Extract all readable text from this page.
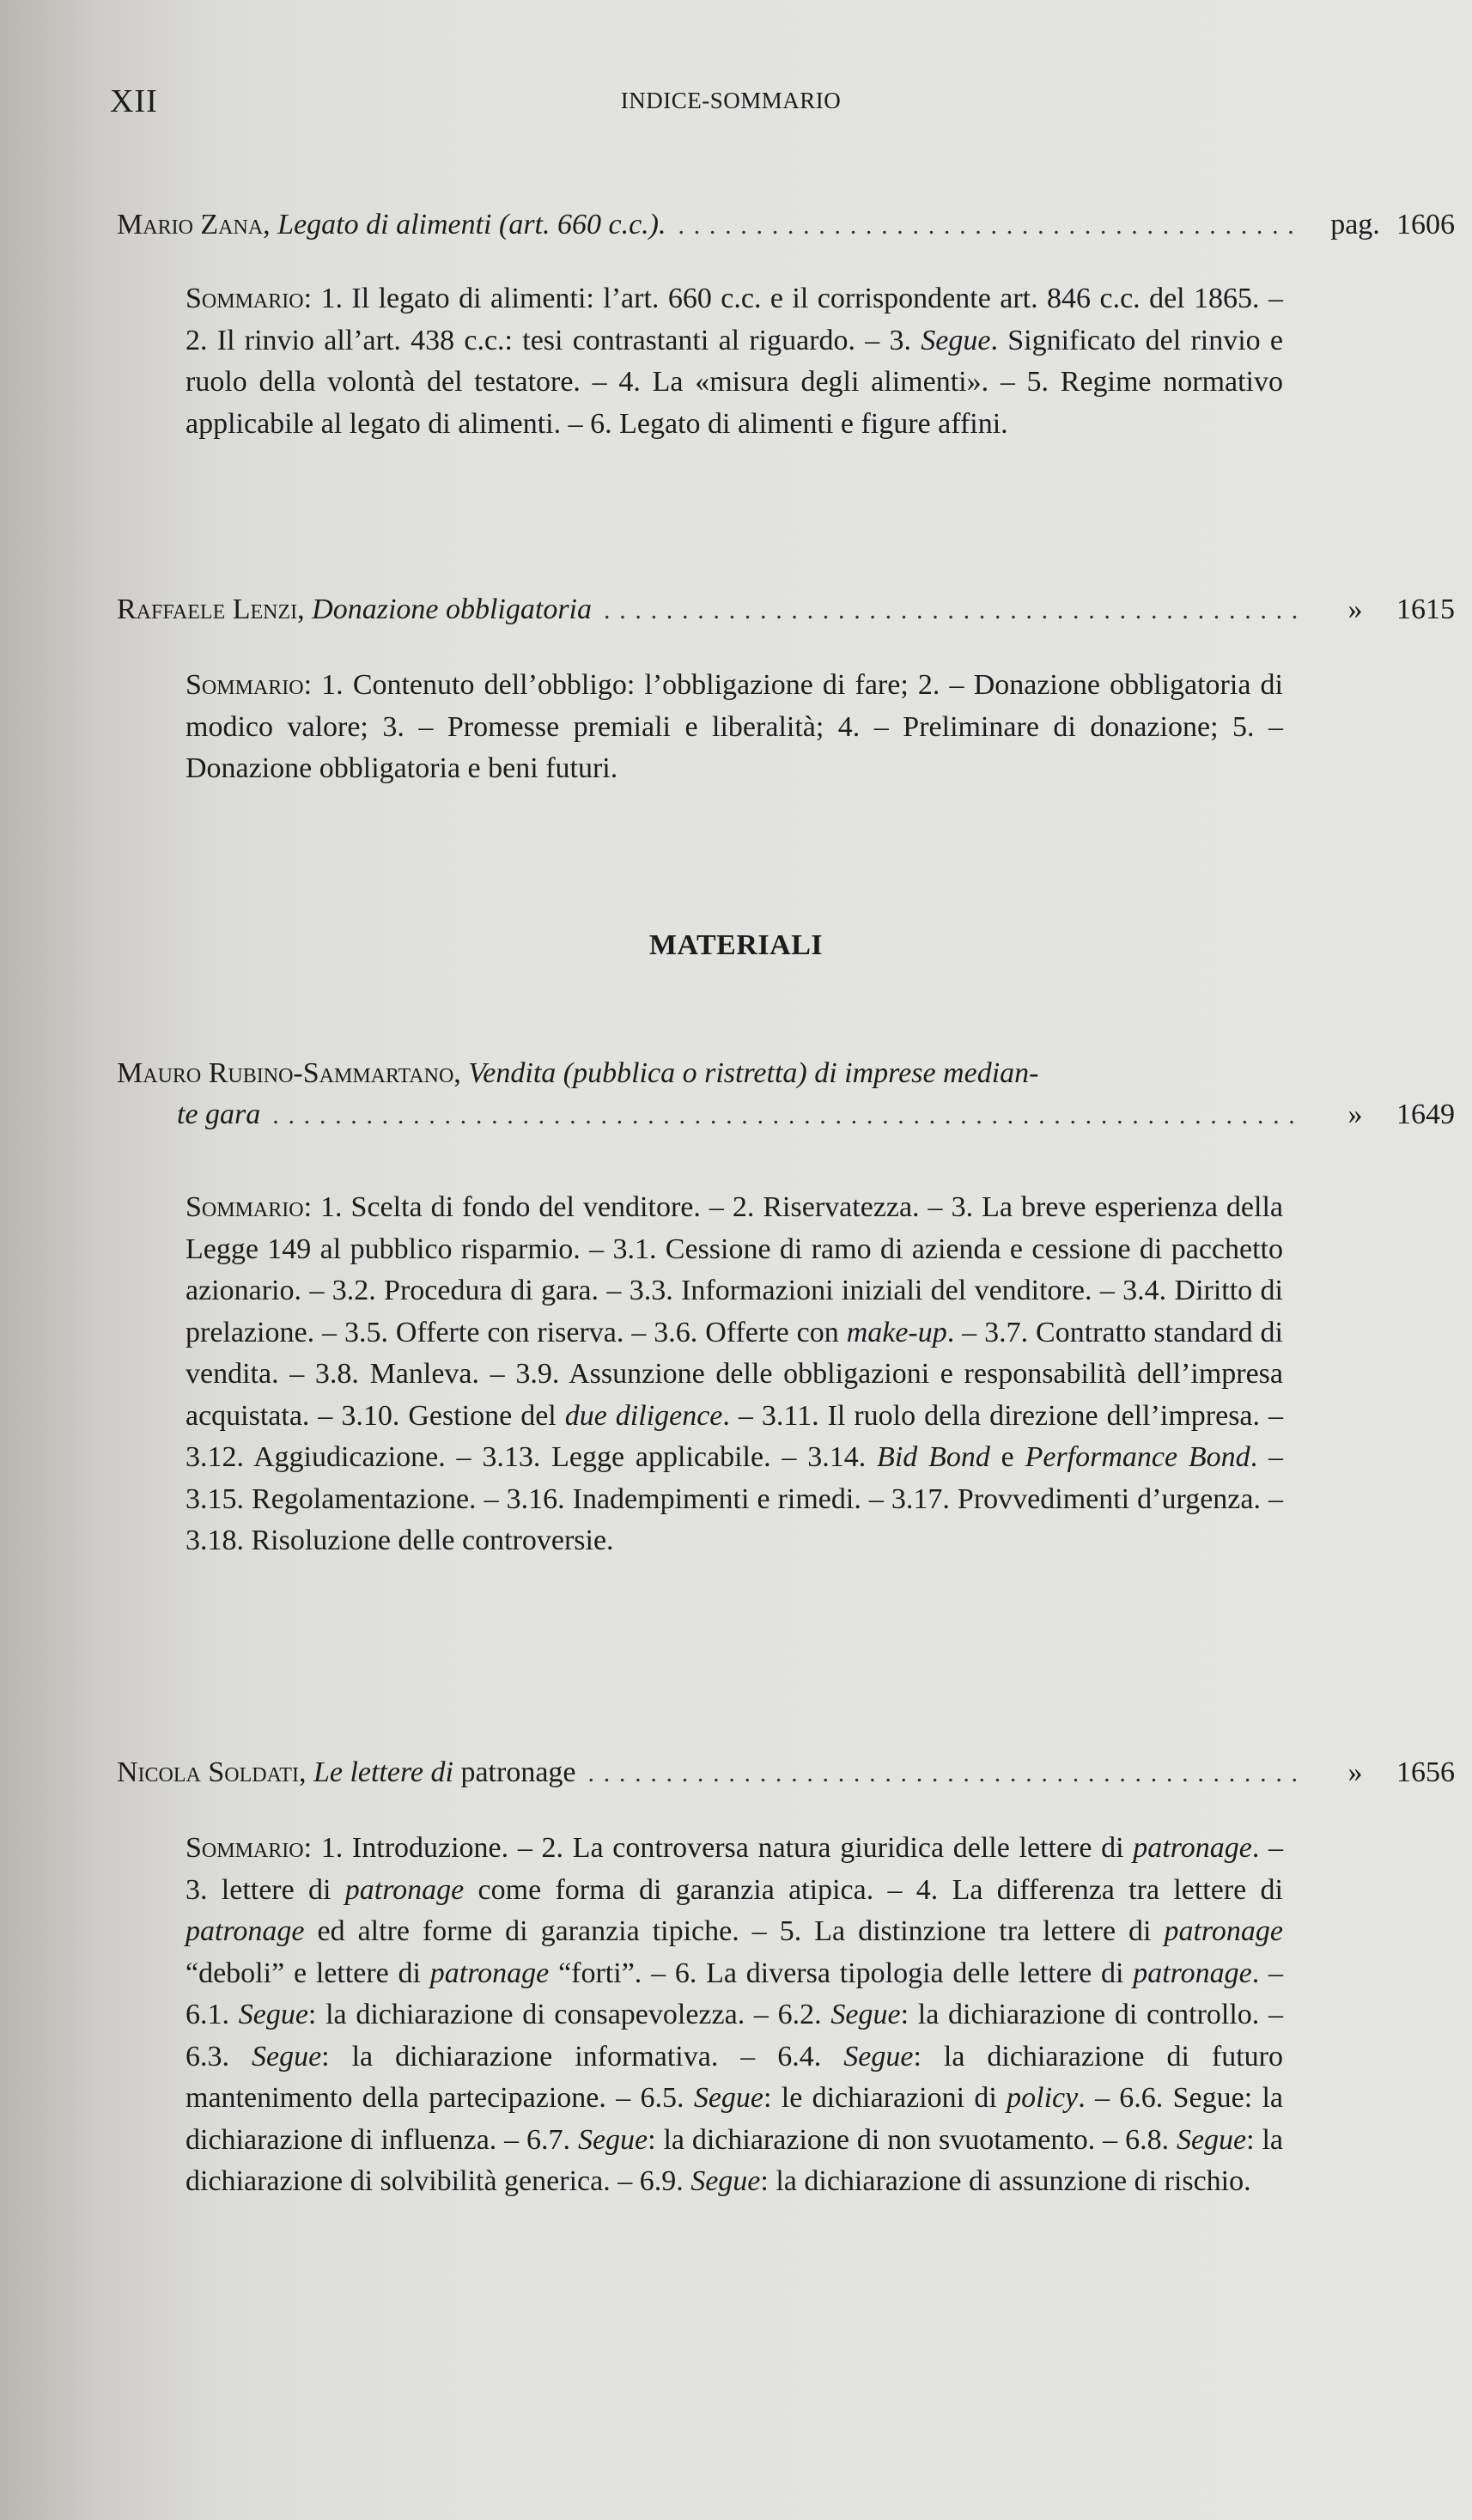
XII	INDICE-SOMMARIO
Mario Zana , Legato di alimenti (art. 660 c.c.). . . .	pag. 1606
Sommario: 1. Il legato di alimenti: l’art. 660 c.c. e il corrispondente art. 846 c.c. del 1865. – 2. Il rinvio all’art. 438 c.c.: tesi contrastanti al riguardo. – 3. Segue. Significato del rinvio e ruolo della volontà del testatore. – 4. La «misura degli alimenti». – 5. Regime normativo applicabile al legato di alimenti. – 6. Legato di alimenti e figure affini.
Raffaele Lenzi , Donazione obbligatoria . . .	»	1615
Sommario: 1. Contenuto dell’obbligo: l’obbligazione di fare; 2. – Donazione obbligatoria di modico valore; 3. – Promesse premiali e liberalità; 4. – Preliminare di donazione; 5. – Donazione obbligatoria e beni futuri.
MATERIALI
Mauro Rubino-Sammartano , Vendita (pubblica o ristretta) di imprese median-
te gara . . .	»	1649
Sommario: 1. Scelta di fondo del venditore. – 2. Riservatezza. – 3. La breve esperienza della Legge 149 al pubblico risparmio. – 3.1. Cessione di ramo di azienda e cessione di pacchetto azionario. – 3.2. Procedura di gara. – 3.3. Informazioni iniziali del venditore. – 3.4. Diritto di prelazione. – 3.5. Offerte con riserva. – 3.6. Offerte con make-up. – 3.7. Contratto standard di vendita. – 3.8. Manleva. – 3.9. Assunzione delle obbligazioni e responsabilità dell’impresa acquistata. – 3.10. Gestione del due diligence. – 3.11. Il ruolo della direzione dell’impresa. – 3.12. Aggiudicazione. – 3.13. Legge applicabile. – 3.14. Bid Bond e Performance Bond. – 3.15. Regolamentazione. – 3.16. Inadempimenti e rimedi. – 3.17. Provvedimenti d’urgenza. – 3.18. Risoluzione delle controversie.
Nicola Soldati , Le lettere di patronage . . .	»	1656
Sommario: 1. Introduzione. – 2. La controversa natura giuridica delle lettere di patronage. – 3. lettere di patronage come forma di garanzia atipica. – 4. La differenza tra lettere di patronage ed altre forme di garanzia tipiche. – 5. La distinzione tra lettere di patronage “deboli” e lettere di patronage “forti”. – 6. La diversa tipologia delle lettere di patronage. – 6.1. Segue: la dichiarazione di consapevolezza. – 6.2. Segue: la dichiarazione di controllo. – 6.3. Segue: la dichiarazione informativa. – 6.4. Segue: la dichiarazione di futuro mantenimento della partecipazione. – 6.5. Segue: le dichiarazioni di policy. – 6.6. Segue: la dichiarazione di influenza. – 6.7. Segue: la dichiarazione di non svuotamento. – 6.8. Segue: la dichiarazione di solvibilità generica. – 6.9. Segue: la dichiarazione di assunzione di rischio.
